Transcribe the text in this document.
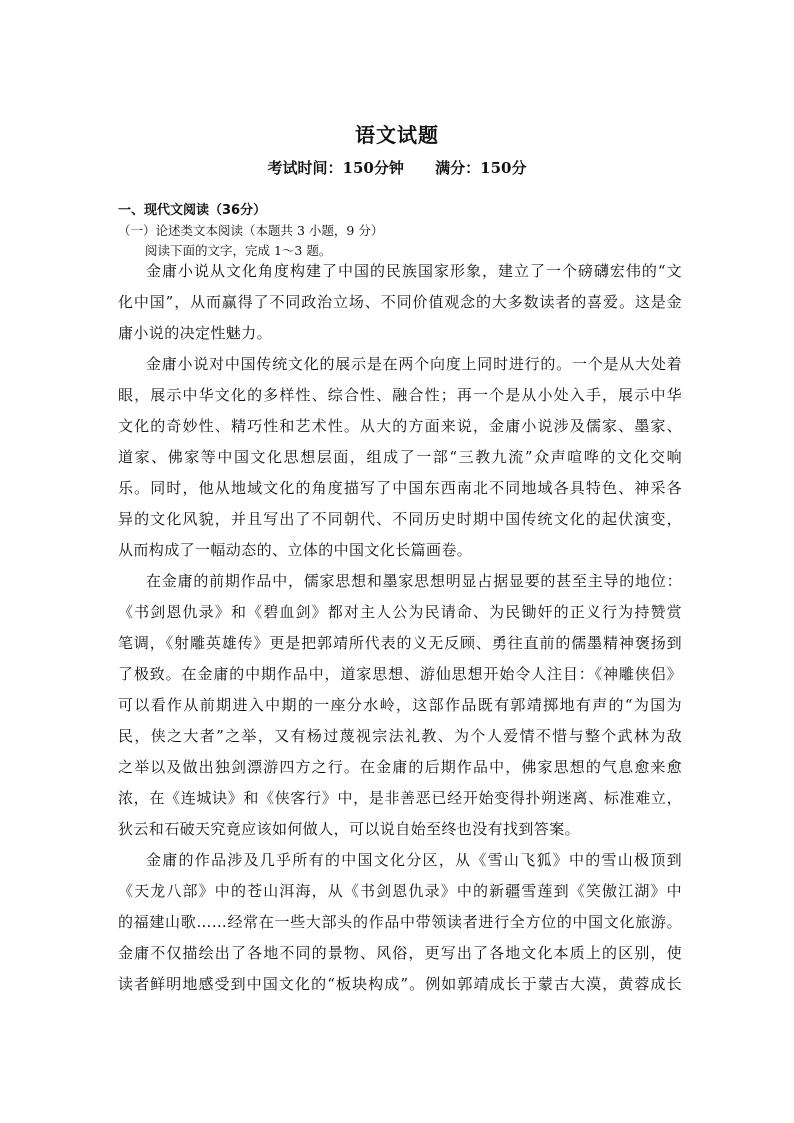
语文试题
考试时间：150分钟      满分：150分
一、现代文阅读（36分）
（一）论述类文本阅读（本题共 3 小题，9 分）
阅读下面的文字，完成 1～3 题。
金庸小说从文化角度构建了中国的民族国家形象，建立了一个磅礴宏伟的“文
化中国”，从而赢得了不同政治立场、不同价值观念的大多数读者的喜爱。这是金
庸小说的决定性魅力。
金庸小说对中国传统文化的展示是在两个向度上同时进行的。一个是从大处着
眼，展示中华文化的多样性、综合性、融合性；再一个是从小处入手，展示中华
文化的奇妙性、精巧性和艺术性。从大的方面来说，金庸小说涉及儒家、墨家、
道家、佛家等中国文化思想层面，组成了一部“三教九流”众声喧哗的文化交响
乐。同时，他从地域文化的角度描写了中国东西南北不同地域各具特色、神采各
异的文化风貌，并且写出了不同朝代、不同历史时期中国传统文化的起伏演变，
从而构成了一幅动态的、立体的中国文化长篇画卷。
在金庸的前期作品中，儒家思想和墨家思想明显占据显要的甚至主导的地位：
《书剑恩仇录》和《碧血剑》都对主人公为民请命、为民锄奸的正义行为持赞赏
笔调，《射雕英雄传》更是把郭靖所代表的义无反顾、勇往直前的儒墨精神褒扬到
了极致。在金庸的中期作品中，道家思想、游仙思想开始令人注目：《神雕侠侣》
可以看作从前期进入中期的一座分水岭，这部作品既有郭靖掷地有声的“为国为
民，侠之大者”之举，又有杨过蔑视宗法礼教、为个人爱情不惜与整个武林为敌
之举以及做出独剑漂游四方之行。在金庸的后期作品中，佛家思想的气息愈来愈
浓，在《连城诀》和《侠客行》中，是非善恶已经开始变得扑朔迷离、标准难立，
狄云和石破天究竟应该如何做人，可以说自始至终也没有找到答案。
金庸的作品涉及几乎所有的中国文化分区，从《雪山飞狐》中的雪山极顶到
《天龙八部》中的苍山洱海，从《书剑恩仇录》中的新疆雪莲到《笑傲江湖》中
的福建山歌……经常在一些大部头的作品中带领读者进行全方位的中国文化旅游。
金庸不仅描绘出了各地不同的景物、风俗，更写出了各地文化本质上的区别，使
读者鲜明地感受到中国文化的“板块构成”。例如郭靖成长于蒙古大漠，黄蓉成长
